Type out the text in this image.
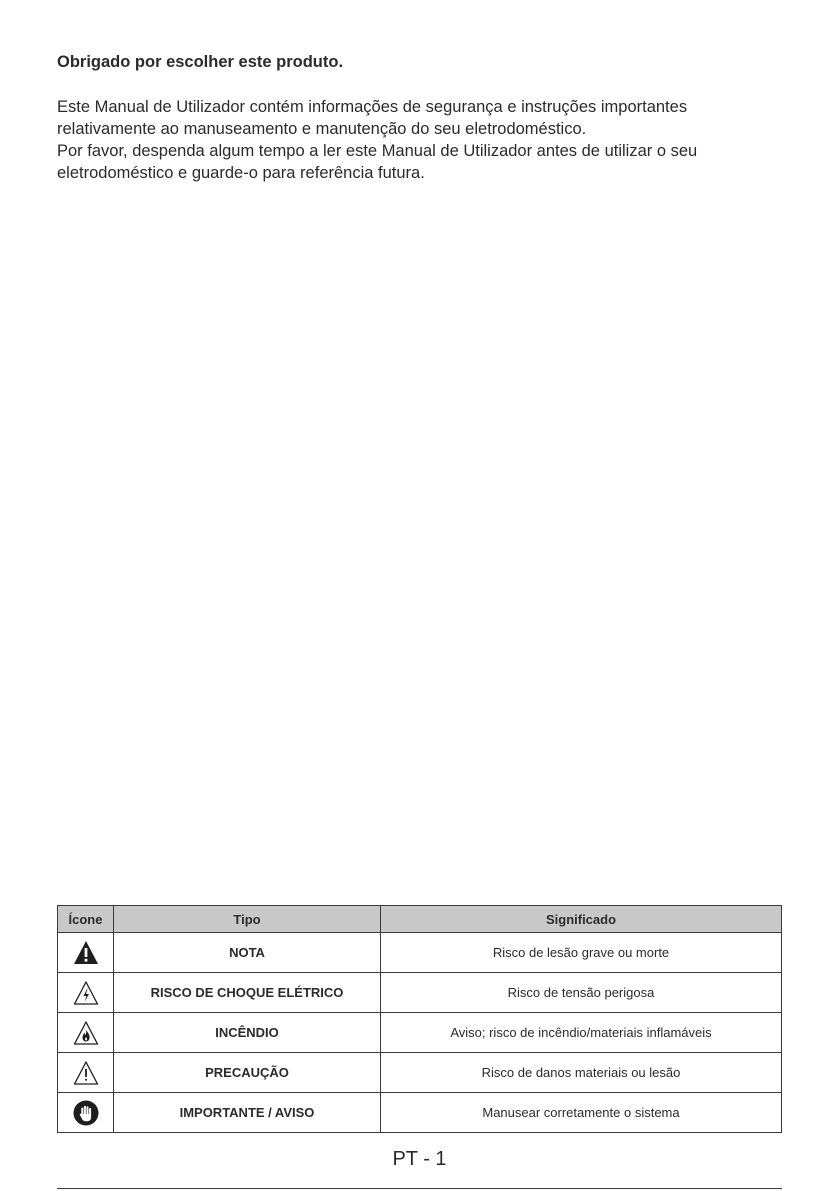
Obrigado por escolher este produto.

Este Manual de Utilizador contém informações de segurança e instruções importantes relativamente ao manuseamento e manutenção do seu eletrodoméstico.

Por favor, despenda algum tempo a ler este Manual de Utilizador antes de utilizar o seu eletrodoméstico e guarde-o para referência futura.

Ícone	Tipo	Significado

	NOTA	Risco de lesão grave ou morte

	RISCO DE CHOQUE ELÉTRICO	Risco de tensão perigosa

	INCÊNDIO	Aviso; risco de incêndio/materiais inflamáveis

	PRECAUÇÃO	Risco de danos materiais ou lesão

	IMPORTANTE / AVISO	Manusear corretamente o sistema

PT - 1
